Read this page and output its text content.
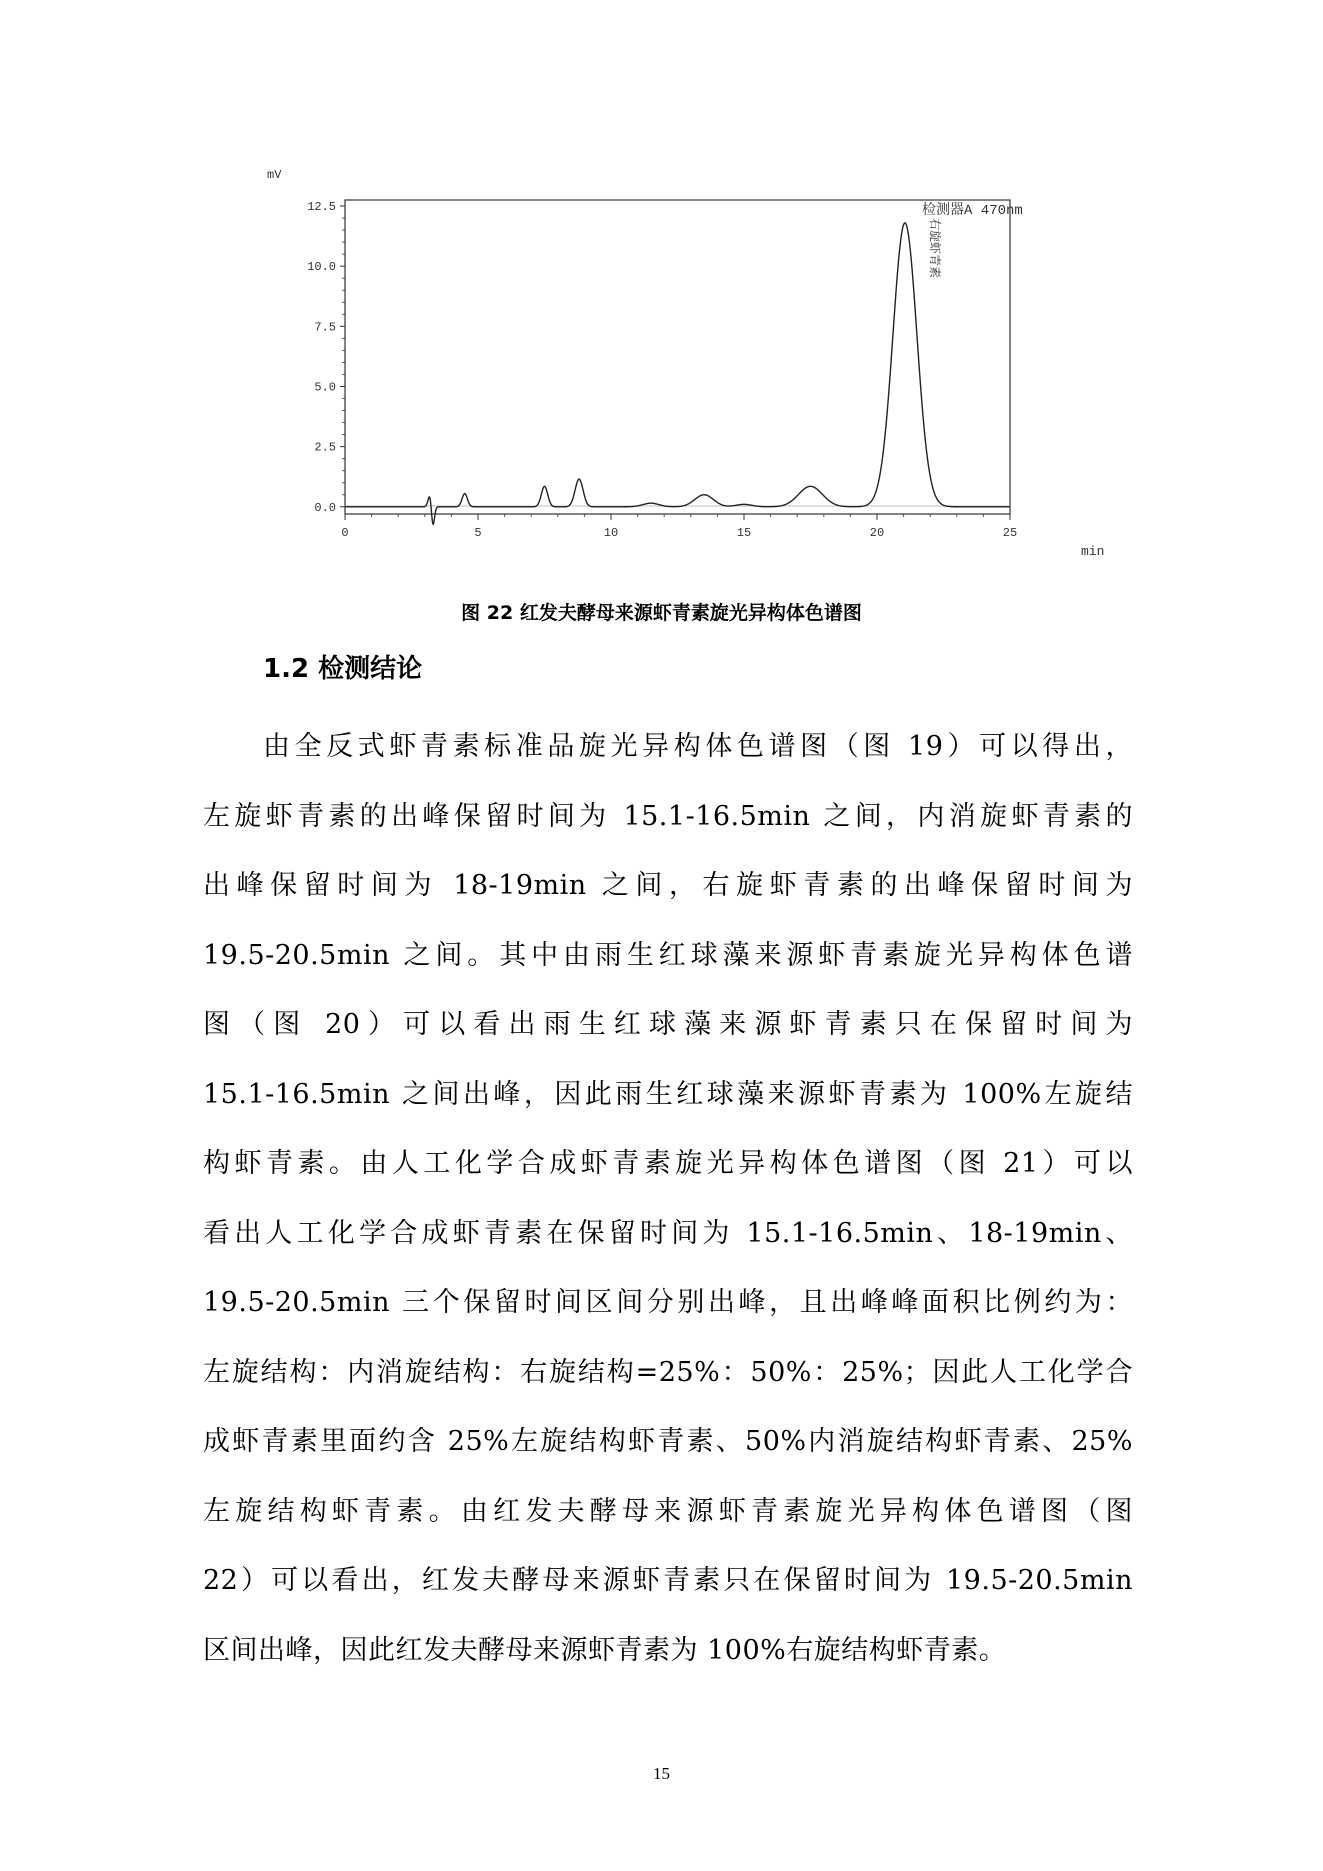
mV
0.0
2.5
5.0
7.5
10.0
12.5
0	5	10	15	20	25
min
检测器A 470nm
右旋虾青素
图 22 红发夫酵母来源虾青素旋光异构体色谱图
1.2 检测结论
由全反式虾青素标准品旋光异构体色谱图（图 19）可以得出，
左旋虾青素的出峰保留时间为 15.1-16.5min 之间，内消旋虾青素的
出峰保留时间为 18-19min 之间，右旋虾青素的出峰保留时间为
19.5-20.5min 之间。其中由雨生红球藻来源虾青素旋光异构体色谱
图（图 20）可以看出雨生红球藻来源虾青素只在保留时间为
15.1-16.5min 之间出峰，因此雨生红球藻来源虾青素为 100%左旋结
构虾青素。由人工化学合成虾青素旋光异构体色谱图（图 21）可以
看出人工化学合成虾青素在保留时间为 15.1-16.5min、18-19min、
19.5-20.5min 三个保留时间区间分别出峰，且出峰峰面积比例约为：
左旋结构：内消旋结构：右旋结构=25%：50%：25%；因此人工化学合
成虾青素里面约含 25%左旋结构虾青素、50%内消旋结构虾青素、25%
左旋结构虾青素。由红发夫酵母来源虾青素旋光异构体色谱图（图
22）可以看出，红发夫酵母来源虾青素只在保留时间为 19.5-20.5min
区间出峰，因此红发夫酵母来源虾青素为 100%右旋结构虾青素。
15
